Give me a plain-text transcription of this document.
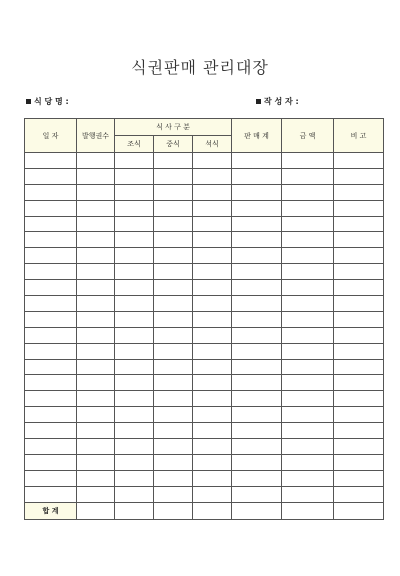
식권판매 관리대장
식 당 명 :	작 성 자 :
일 자	발행권수	식 사 구 분			판 매 계	금 액	비 고
		조식	중식	석식			

합 계							
